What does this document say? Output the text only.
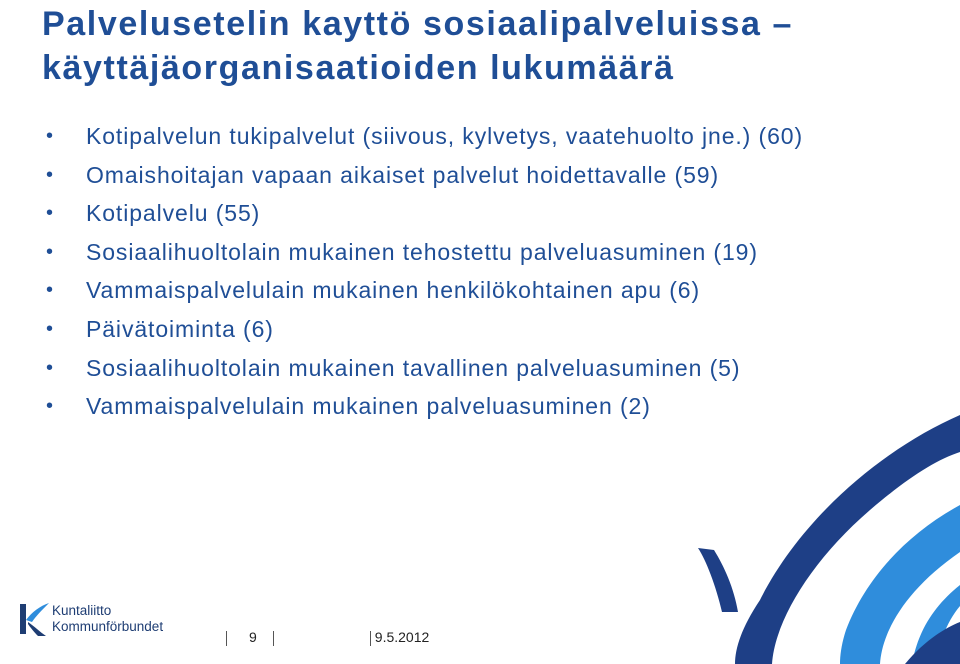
Palvelusetelin kayttö sosiaalipalveluissa – käyttäjäorganisaatioiden lukumäärä
• Kotipalvelun tukipalvelut (siivous, kylvetys, vaatehuolto jne.) (60)
• Omaishoitajan vapaan aikaiset palvelut hoidettavalle (59)
• Kotipalvelu (55)
• Sosiaalihuoltolain mukainen tehostettu palveluasuminen (19)
• Vammaispalvelulain mukainen henkilökohtainen apu (6)
• Päivätoiminta (6)
• Sosiaalihuoltolain mukainen tavallinen palveluasuminen (5)
• Vammaispalvelulain mukainen palveluasuminen (2)
Kuntaliitto
Kommunförbundet
9	9.5.2012
